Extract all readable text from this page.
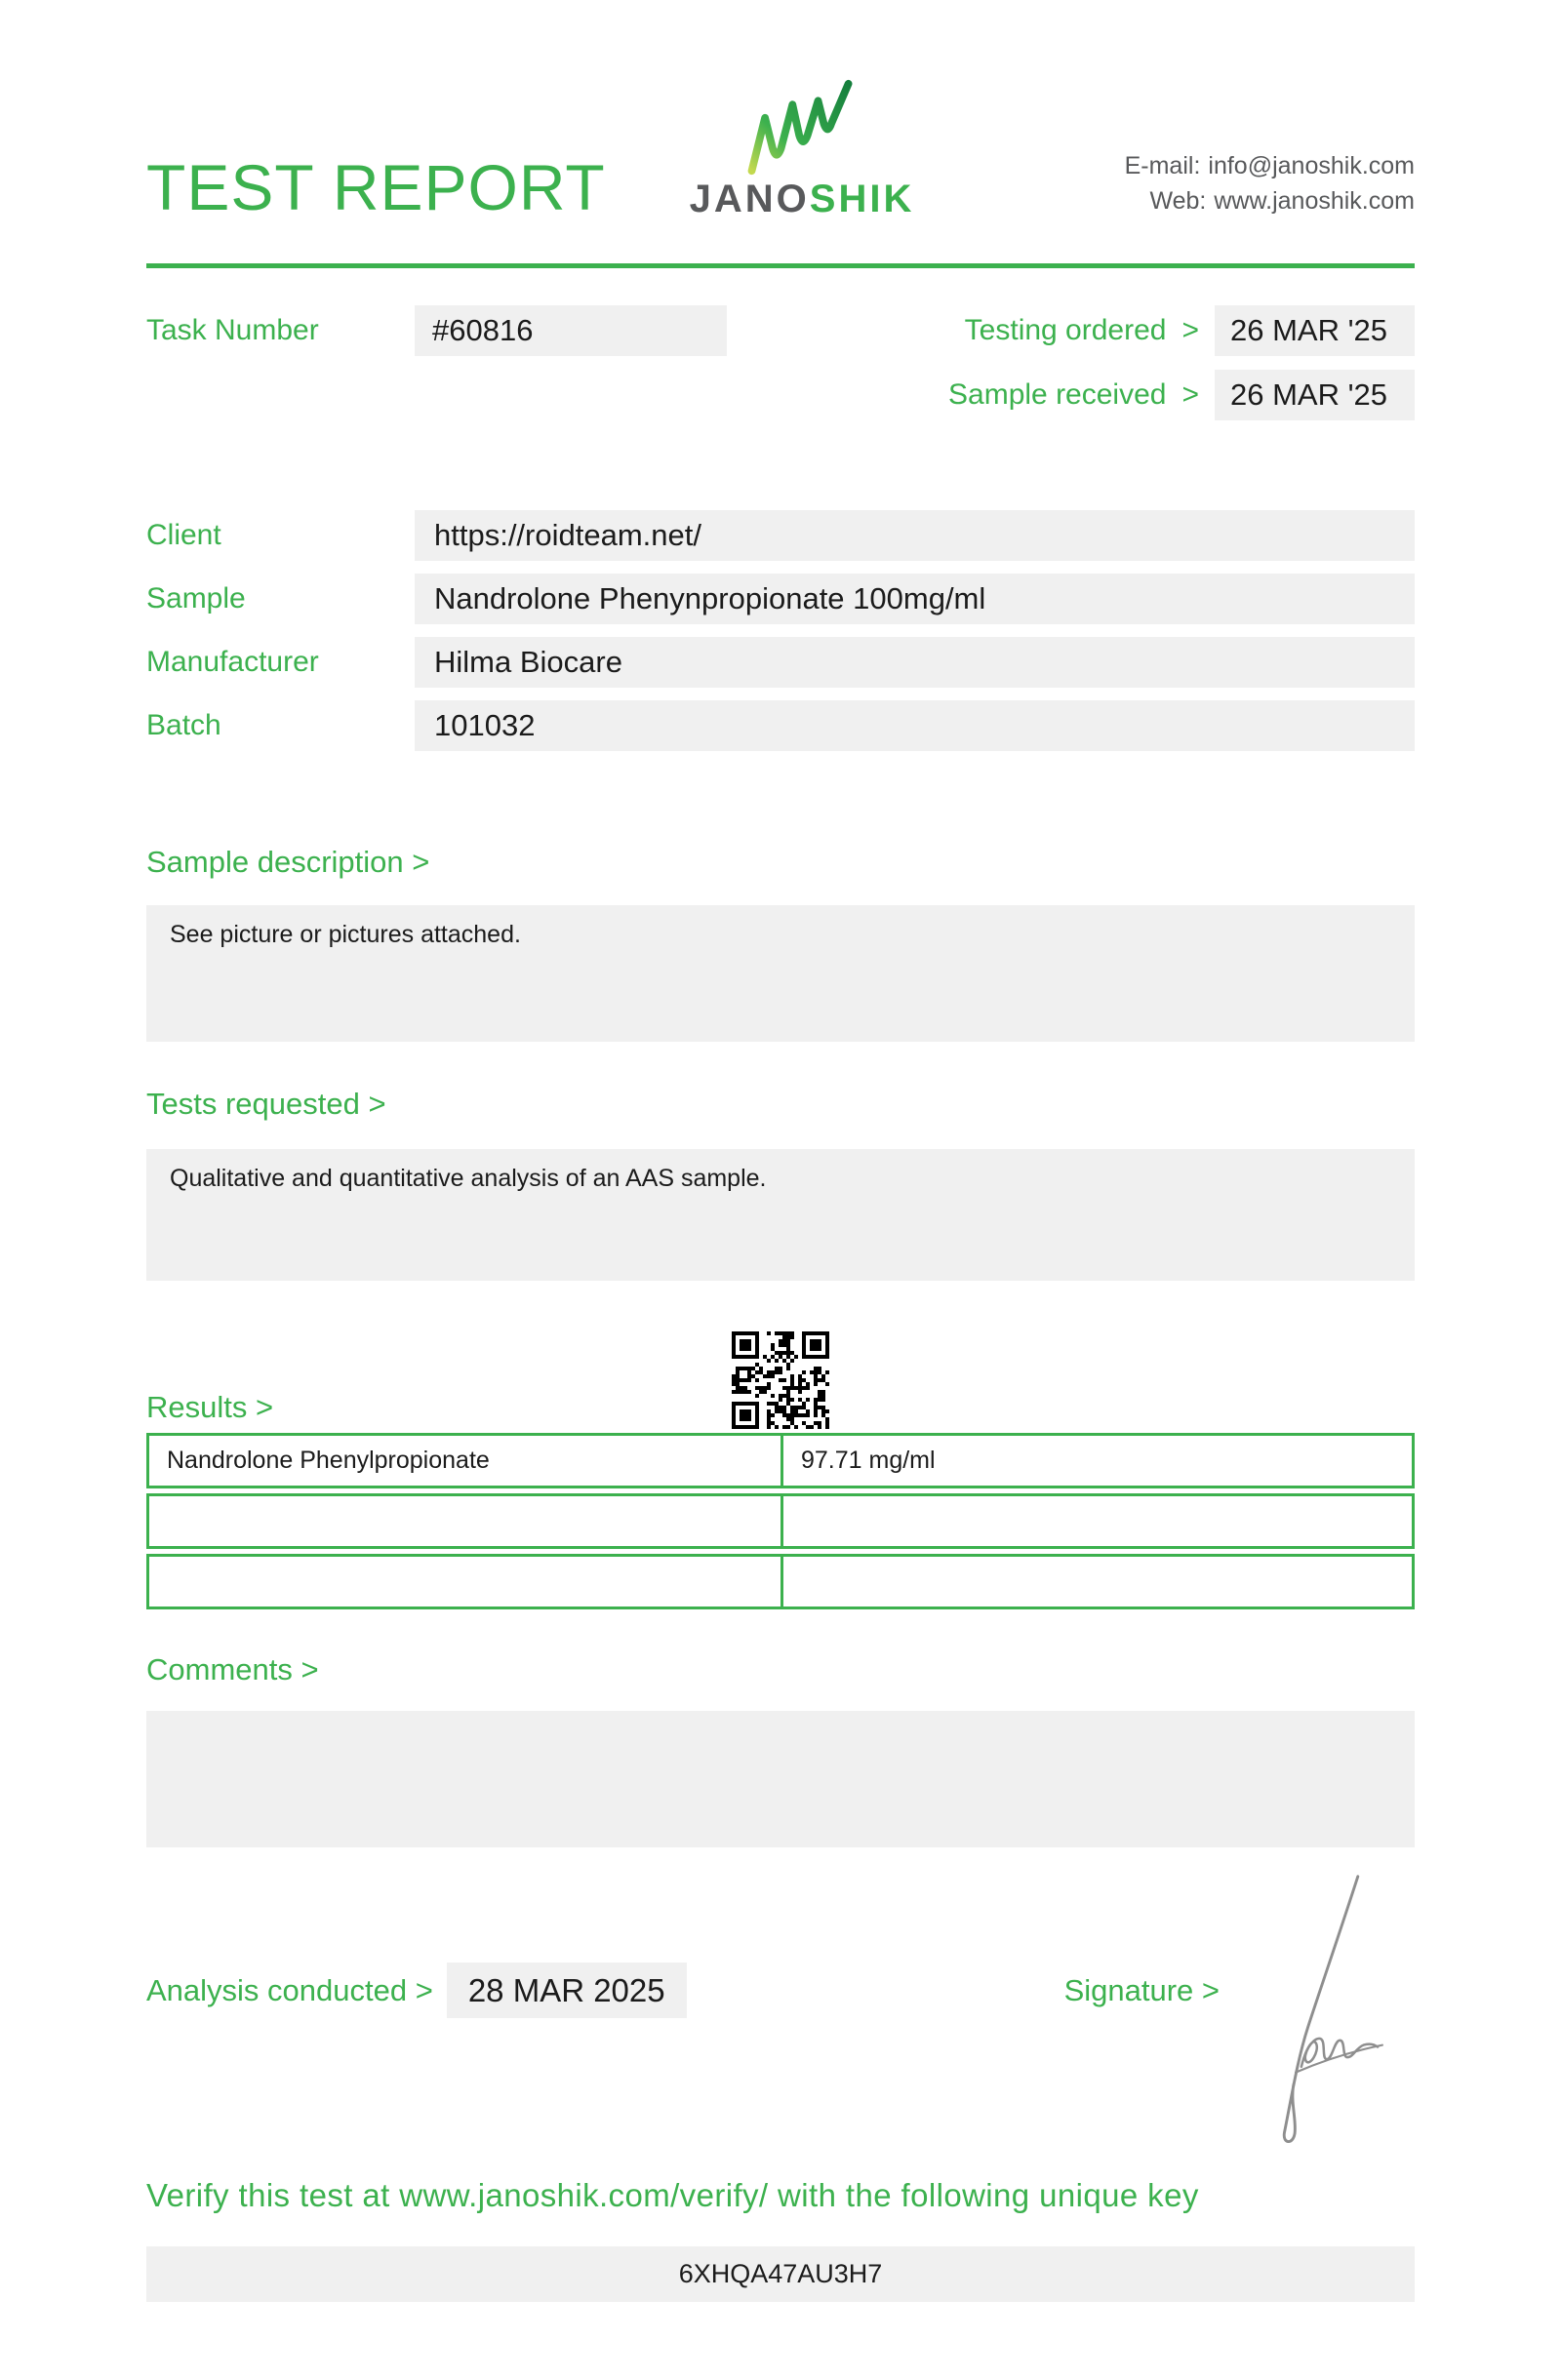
TEST REPORT JANOSHIK
E-mail: info@janoshik.com
Web: www.janoshik.com
Task Number	#60816	Testing ordered >	26 MAR '25
Sample received >	26 MAR '25
Client	https://roidteam.net/
Sample	Nandrolone Phenynpropionate 100mg/ml
Manufacturer	Hilma Biocare
Batch	101032
Sample description >
See picture or pictures attached.
Tests requested >
Qualitative and quantitative analysis of an AAS sample.
Results >
Nandrolone Phenylpropionate	97.71 mg/ml
Comments >
Analysis conducted >	28 MAR 2025	Signature >
Verify this test at www.janoshik.com/verify/ with the following unique key
6XHQA47AU3H7
